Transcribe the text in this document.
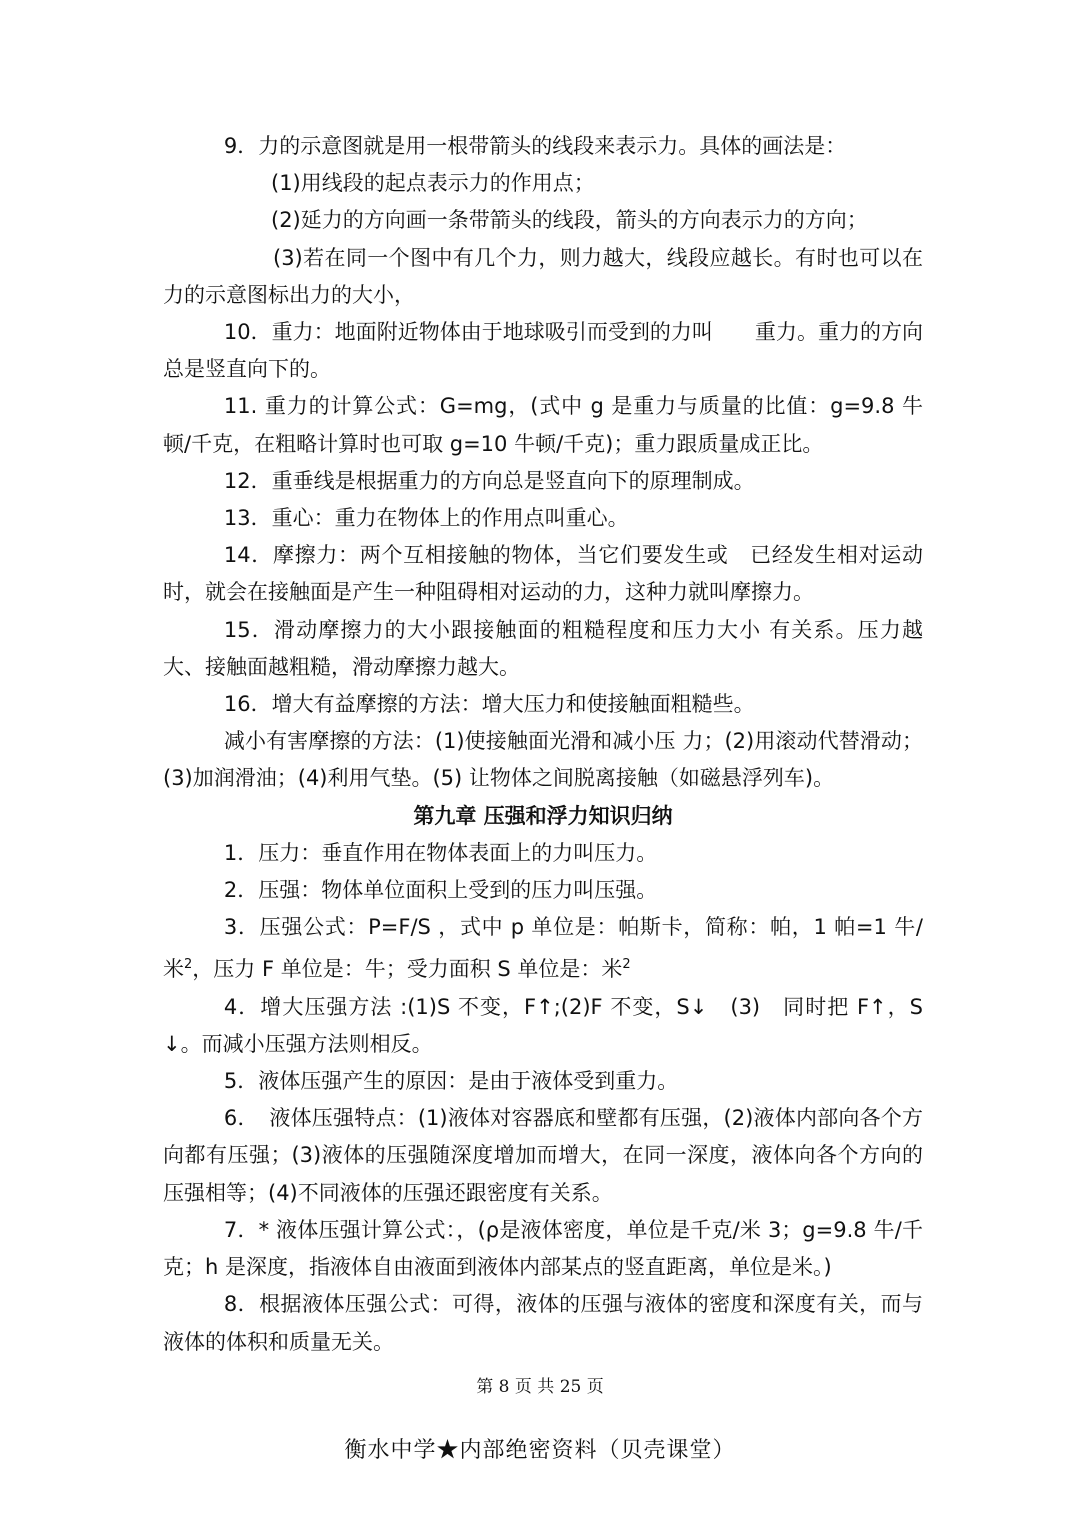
9．力的示意图就是用一根带箭头的线段来表示力。具体的画法是：

(1)用线段的起点表示力的作用点；

(2)延力的方向画一条带箭头的线段，箭头的方向表示力的方向；

(3)若在同一个图中有几个力，则力越大，线段应越长。有时也可以在力的示意图标出力的大小，

10．重力：地面附近物体由于地球吸引而受到的力叫　　重力。重力的方向总是竖直向下的。

11. 重力的计算公式：G=mg，(式中 g 是重力与质量的比值：g=9.8 牛顿/千克，在粗略计算时也可取 g=10 牛顿/千克)；重力跟质量成正比。

12．重垂线是根据重力的方向总是竖直向下的原理制成。

13．重心：重力在物体上的作用点叫重心。

14．摩擦力：两个互相接触的物体，当它们要发生或　已经发生相对运动时，就会在接触面是产生一种阻碍相对运动的力，这种力就叫摩擦力。

15．滑动摩擦力的大小跟接触面的粗糙程度和压力大小 有关系。压力越大、接触面越粗糙，滑动摩擦力越大。

16．增大有益摩擦的方法：增大压力和使接触面粗糙些。

减小有害摩擦的方法：(1)使接触面光滑和减小压 力；(2)用滚动代替滑动；(3)加润滑油；(4)利用气垫。(5) 让物体之间脱离接触（如磁悬浮列车)。

第九章 压强和浮力知识归纳

1．压力：垂直作用在物体表面上的力叫压力。

2．压强：物体单位面积上受到的压力叫压强。

3．压强公式：P=F/S ，式中 p 单位是：帕斯卡，简称：帕，1 帕=1 牛/米$^2$，压力 F 单位是：牛；受力面积 S 单位是：米$^2$

4．增大压强方法 :(1)S 不变，F↑;(2)F 不变，S↓　(3)　同时把 F↑，S↓。而减小压强方法则相反。

5．液体压强产生的原因：是由于液体受到重力。

6．　液体压强特点：(1)液体对容器底和壁都有压强，(2)液体内部向各个方向都有压强；(3)液体的压强随深度增加而增大，在同一深度，液体向各个方向的压强相等；(4)不同液体的压强还跟密度有关系。

7．* 液体压强计算公式：，(ρ是液体密度，单位是千克/米 3；g=9.8 牛/千克；h 是深度，指液体自由液面到液体内部某点的竖直距离，单位是米。)

8．根据液体压强公式：可得，液体的压强与液体的密度和深度有关，而与液体的体积和质量无关。

第 8 页 共 25 页
衡水中学★内部绝密资料（贝壳课堂）
